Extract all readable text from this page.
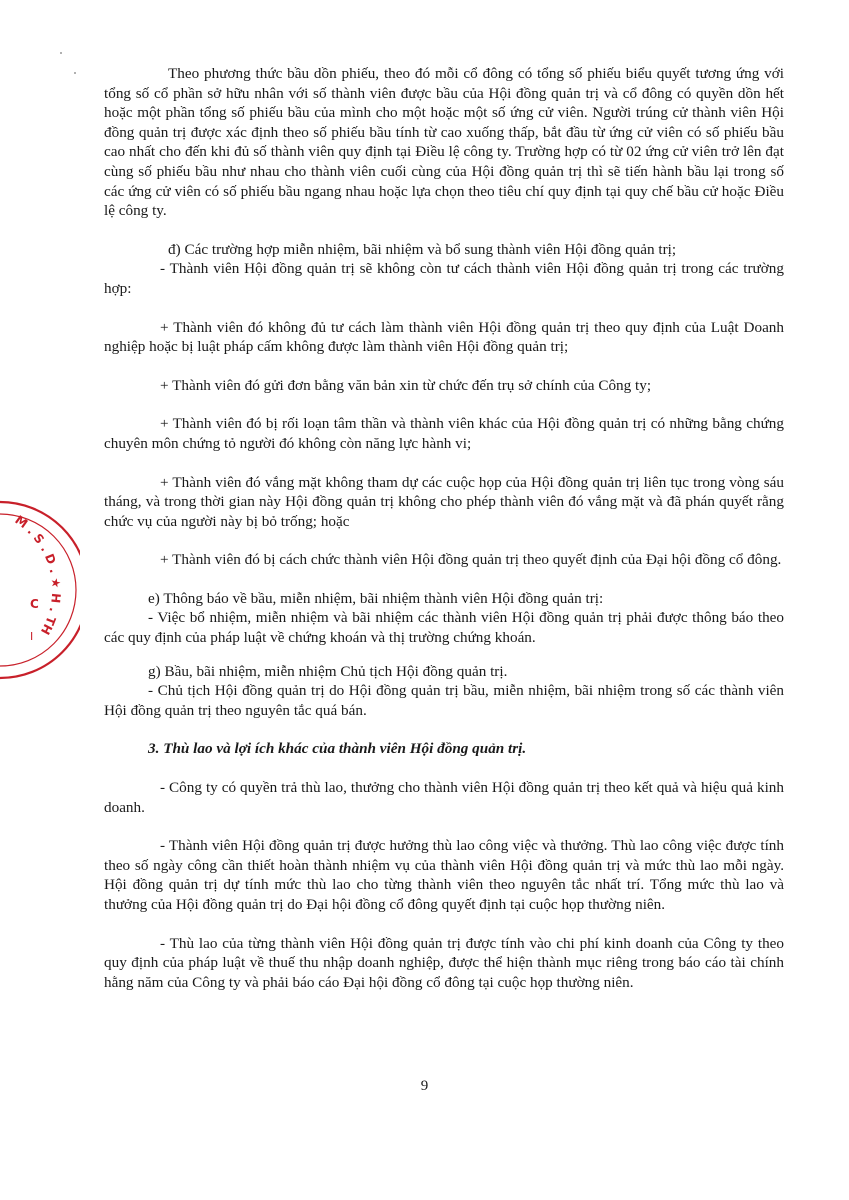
M . S . D . ★ H . TH
C
I

Theo phương thức bầu dồn phiếu, theo đó mỗi cổ đông có tổng số phiếu biểu quyết tương ứng với tổng số cổ phần sở hữu nhân với số thành viên được bầu của Hội đồng quản trị và cổ đông có quyền dồn hết hoặc một phần tổng số phiếu bầu của mình cho một hoặc một số ứng cử viên. Người trúng cử thành viên Hội đồng quản trị được xác định theo số phiếu bầu tính từ cao xuống thấp, bắt đầu từ ứng cử viên có số phiếu bầu cao nhất cho đến khi đủ số thành viên quy định tại Điều lệ công ty. Trường hợp có từ 02 ứng cử viên trở lên đạt cùng số phiếu bầu như nhau cho thành viên cuối cùng của Hội đồng quản trị thì sẽ tiến hành bầu lại trong số các ứng cử viên có số phiếu bầu ngang nhau hoặc lựa chọn theo tiêu chí quy định tại quy chế bầu cử hoặc Điều lệ công ty.

đ) Các trường hợp miễn nhiệm, bãi nhiệm và bổ sung thành viên Hội đồng quản trị;

- Thành viên Hội đồng quản trị sẽ không còn tư cách thành viên Hội đồng quản trị trong các trường hợp:

+ Thành viên đó không đủ tư cách làm thành viên Hội đồng quản trị theo quy định của Luật Doanh nghiệp hoặc bị luật pháp cấm không được làm thành viên Hội đồng quản trị;

+ Thành viên đó gửi đơn bằng văn bản xin từ chức đến trụ sở chính của Công ty;

+ Thành viên đó bị rối loạn tâm thần và thành viên khác của Hội đồng quản trị có những bằng chứng chuyên môn chứng tỏ người đó không còn năng lực hành vi;

+ Thành viên đó vắng mặt không tham dự các cuộc họp của Hội đồng quản trị liên tục trong vòng sáu tháng, và trong thời gian này Hội đồng quản trị không cho phép thành viên đó vắng mặt và đã phán quyết rằng chức vụ của người này bị bỏ trống; hoặc

+ Thành viên đó bị cách chức thành viên Hội đồng quản trị theo quyết định của Đại hội đồng cổ đông.

e) Thông báo về bầu, miễn nhiệm, bãi nhiệm thành viên Hội đồng quản trị:

- Việc bổ nhiệm, miễn nhiệm và bãi nhiệm các thành viên Hội đồng quản trị phải được thông báo theo các quy định của pháp luật về chứng khoán và thị trường chứng khoán.

g) Bầu, bãi nhiệm, miễn nhiệm Chủ tịch Hội đồng quản trị.

- Chủ tịch Hội đồng quản trị do Hội đồng quản trị bầu, miễn nhiệm, bãi nhiệm trong số các thành viên Hội đồng quản trị theo nguyên tắc quá bán.

3. Thù lao và lợi ích khác của thành viên Hội đồng quản trị.

- Công ty có quyền trả thù lao, thưởng cho thành viên Hội đồng quản trị theo kết quả và hiệu quả kinh doanh.

- Thành viên Hội đồng quản trị được hưởng thù lao công việc và thưởng. Thù lao công việc được tính theo số ngày công cần thiết hoàn thành nhiệm vụ của thành viên Hội đồng quản trị và mức thù lao mỗi ngày. Hội đồng quản trị dự tính mức thù lao cho từng thành viên theo nguyên tắc nhất trí. Tổng mức thù lao và thưởng của Hội đồng quản trị do Đại hội đồng cổ đông quyết định tại cuộc họp thường niên.

- Thù lao của từng thành viên Hội đồng quản trị được tính vào chi phí kinh doanh của Công ty theo quy định của pháp luật về thuế thu nhập doanh nghiệp, được thể hiện thành mục riêng trong báo cáo tài chính hằng năm của Công ty và phải báo cáo Đại hội đồng cổ đông tại cuộc họp thường niên.

9
